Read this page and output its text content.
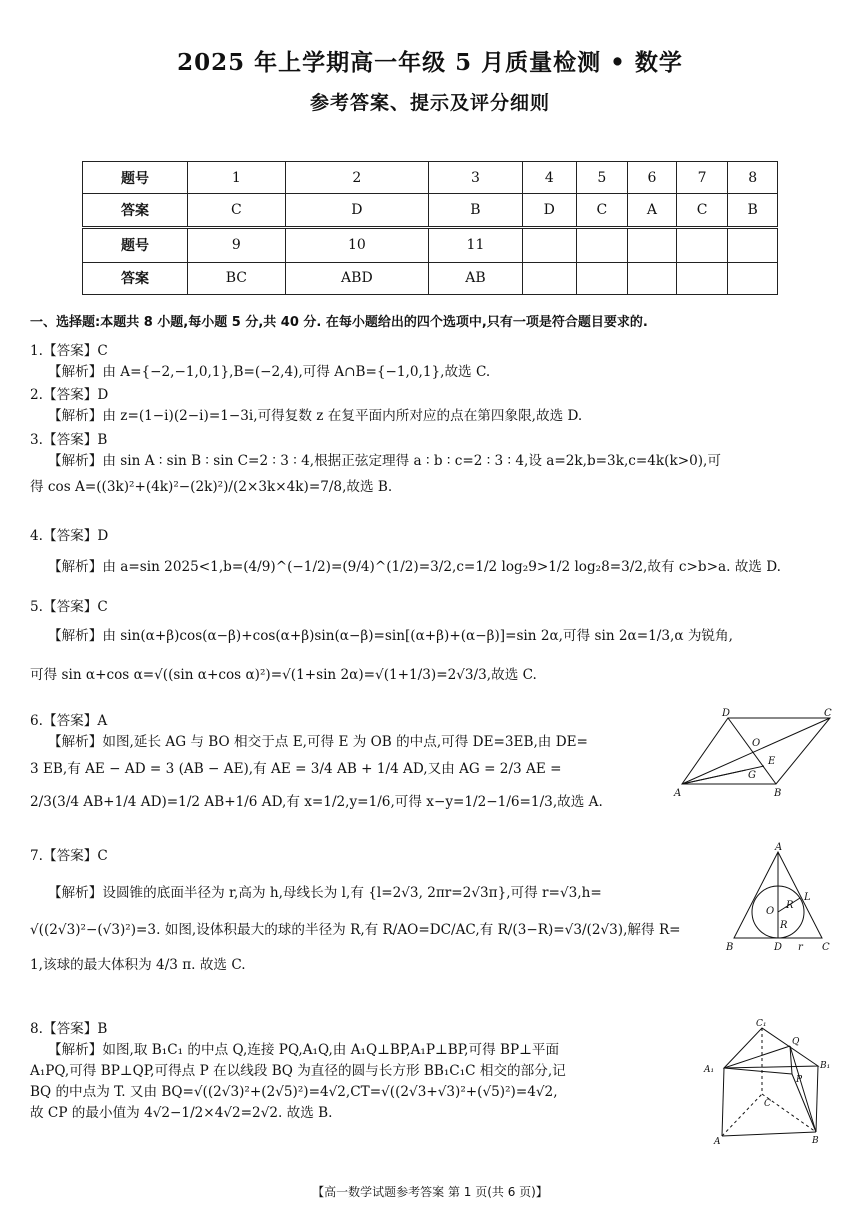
2025 年上学期高一年级 5 月质量检测 • 数学
参考答案、提示及评分细则
题号	1	2	3	4	5	6	7	8
答案	C	D	B	D	C	A	C	B
题号	9	10	11					
答案	BC	ABD	AB					
一、选择题:本题共 8 小题,每小题 5 分,共 40 分. 在每小题给出的四个选项中,只有一项是符合题目要求的.
1.【答案】C
【解析】由 A={−2,−1,0,1},B=(−2,4),可得 A∩B={−1,0,1},故选 C.
2.【答案】D
【解析】由 z=(1−i)(2−i)=1−3i,可得复数 z 在复平面内所对应的点在第四象限,故选 D.
3.【答案】B
【解析】由 sin A ∶ sin B ∶ sin C=2 ∶ 3 ∶ 4,根据正弦定理得 a ∶ b ∶ c=2 ∶ 3 ∶ 4,设 a=2k,b=3k,c=4k(k>0),可
得 cos A=((3k)²+(4k)²−(2k)²)/(2×3k×4k)=7/8,故选 B.
4.【答案】D
【解析】由 a=sin 2025<1,b=(4/9)^(−1/2)=(9/4)^(1/2)=3/2,c=1/2 log₂9>1/2 log₂8=3/2,故有 c>b>a. 故选 D.
5.【答案】C
【解析】由 sin(α+β)cos(α−β)+cos(α+β)sin(α−β)=sin[(α+β)+(α−β)]=sin 2α,可得 sin 2α=1/3,α 为锐角,
可得 sin α+cos α=√((sin α+cos α)²)=√(1+sin 2α)=√(1+1/3)=2√3/3,故选 C.
6.【答案】A
【解析】如图,延长 AG 与 BO 相交于点 E,可得 E 为 OB 的中点,可得 DE=3EB,由 DE=
3 EB,有 AE − AD = 3 (AB − AE),有 AE = 3/4 AB + 1/4 AD,又由 AG = 2/3 AE =
2/3(3/4 AB+1/4 AD)=1/2 AB+1/6 AD,有 x=1/2,y=1/6,可得 x−y=1/2−1/6=1/3,故选 A.
7.【答案】C
【解析】设圆锥的底面半径为 r,高为 h,母线长为 l,有 {l=2√3, 2πr=2√3π},可得 r=√3,h=
√((2√3)²−(√3)²)=3. 如图,设体积最大的球的半径为 R,有 R/AO=DC/AC,有 R/(3−R)=√3/(2√3),解得 R=
1,该球的最大体积为 4/3 π. 故选 C.
8.【答案】B
【解析】如图,取 B₁C₁ 的中点 Q,连接 PQ,A₁Q,由 A₁Q⊥BP,A₁P⊥BP,可得 BP⊥平面
A₁PQ,可得 BP⊥QP,可得点 P 在以线段 BQ 为直径的圆与长方形 BB₁C₁C 相交的部分,记
BQ 的中点为 T. 又由 BQ=√((2√3)²+(2√5)²)=4√2,CT=√((2√3+√3)²+(√5)²)=4√2,
故 CP 的最小值为 4√2−1/2×4√2=2√2. 故选 B.
D	C
O
E
G
A	B
A
L
O
R
R
B	D r C
C₁
Q
A₁	B₁
P
C
A	B
【高一数学试题参考答案 第 1 页(共 6 页)】
